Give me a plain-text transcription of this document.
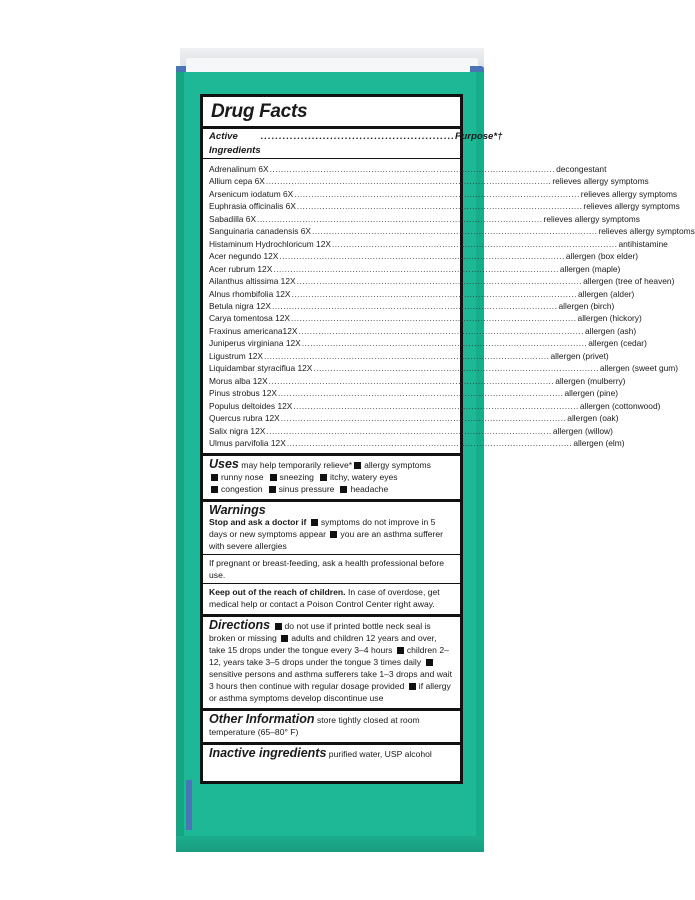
Drug Facts
Active Ingredients
..................................................... Purpose*†
Adrenalinum 6X .....	decongestant
Allium cepa 6X .....	relieves allergy symptoms
Arsenicum iodatum 6X .....	relieves allergy symptoms
Euphrasia officinalis 6X .....	relieves allergy symptoms
Sabadilla 6X .....	relieves allergy symptoms
Sanguinaria canadensis 6X .....	relieves allergy symptoms
Histaminum Hydrochloricum 12X .....	antihistamine
Acer negundo 12X .....	allergen (box elder)
Acer rubrum 12X .....	allergen (maple)
Ailanthus altissima 12X .....	allergen (tree of heaven)
Alnus rhombifolia 12X .....	allergen (alder)
Betula nigra 12X .....	allergen (birch)
Carya tomentosa 12X .....	allergen (hickory)
Fraxinus americana12X .....	allergen (ash)
Juniperus virginiana 12X .....	allergen (cedar)
Ligustrum 12X .....	allergen (privet)
Liquidambar styraciflua 12X .....	allergen (sweet gum)
Morus alba 12X .....	allergen (mulberry)
Pinus strobus 12X .....	allergen (pine)
Populus deltoides 12X .....	allergen (cottonwood)
Quercus rubra 12X .....	allergen (oak)
Salix nigra 12X .....	allergen (willow)
Ulmus parvifolia 12X .....	allergen (elm)
Uses may help temporarily relieve* allergy symptoms
runny nose	sneezing	itchy, watery eyes
congestion	sinus pressure	headache
Warnings
Stop and ask a doctor if symptoms do not improve in 5 days or new symptoms appear you are an asthma sufferer with severe allergies
If pregnant or breast-feeding, ask a health professional before use.
Keep out of the reach of children. In case of overdose, get medical help or contact a Poison Control Center right away.
Directions do not use if printed bottle neck seal is broken or missing adults and children 12 years and over, take 15 drops under the tongue every 3–4 hours children 2–12, years take 3–5 drops under the tongue 3 times daily sensitive persons and asthma sufferers take 1–3 drops and wait 3 hours then continue with regular dosage provided if allergy or asthma symptoms develop discontinue use
Other Information store tightly closed at room temperature (65–80° F)
Inactive ingredients purified water, USP alcohol
